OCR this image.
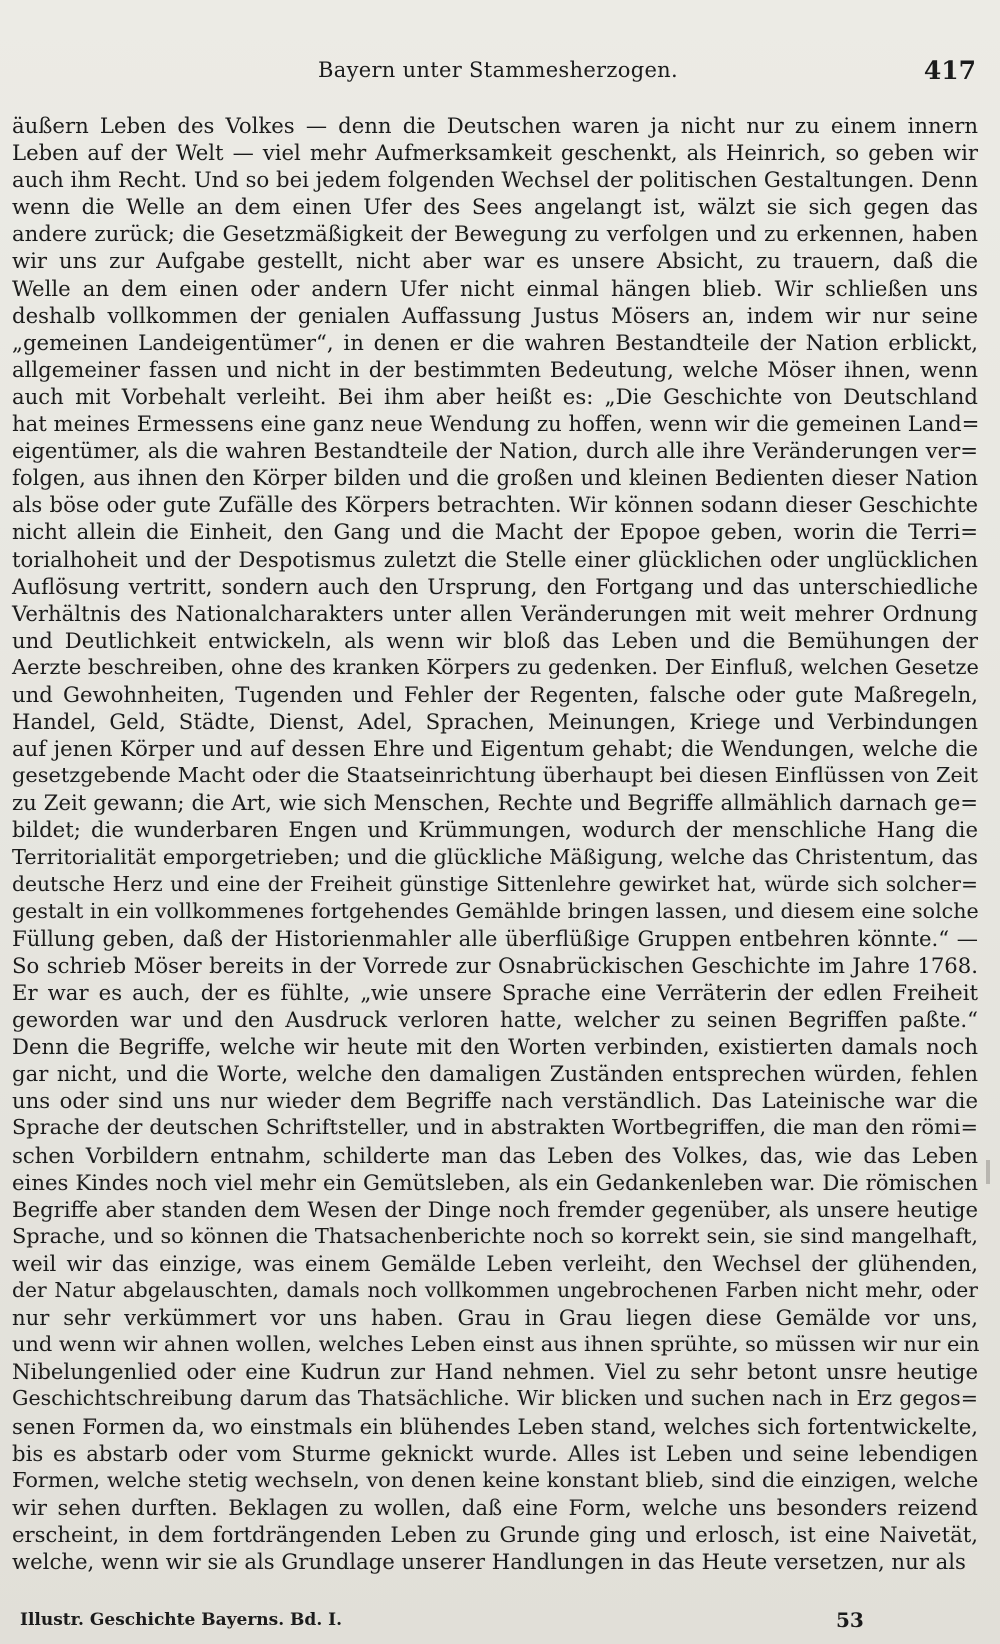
Bayern unter Stammesherzogen.	417
äußern Leben des Volkes — denn die Deutschen waren ja nicht nur zu einem innern
Leben auf der Welt — viel mehr Aufmerksamkeit geschenkt, als Heinrich, so geben wir
auch ihm Recht. Und so bei jedem folgenden Wechsel der politischen Gestaltungen. Denn
wenn die Welle an dem einen Ufer des Sees angelangt ist, wälzt sie sich gegen das
andere zurück; die Gesetzmäßigkeit der Bewegung zu verfolgen und zu erkennen, haben
wir uns zur Aufgabe gestellt, nicht aber war es unsere Absicht, zu trauern, daß die
Welle an dem einen oder andern Ufer nicht einmal hängen blieb. Wir schließen uns
deshalb vollkommen der genialen Auffassung Justus Mösers an, indem wir nur seine
„gemeinen Landeigentümer“, in denen er die wahren Bestandteile der Nation erblickt,
allgemeiner fassen und nicht in der bestimmten Bedeutung, welche Möser ihnen, wenn
auch mit Vorbehalt verleiht. Bei ihm aber heißt es: „Die Geschichte von Deutschland
hat meines Ermessens eine ganz neue Wendung zu hoffen, wenn wir die gemeinen Land=
eigentümer, als die wahren Bestandteile der Nation, durch alle ihre Veränderungen ver=
folgen, aus ihnen den Körper bilden und die großen und kleinen Bedienten dieser Nation
als böse oder gute Zufälle des Körpers betrachten. Wir können sodann dieser Geschichte
nicht allein die Einheit, den Gang und die Macht der Epopoe geben, worin die Terri=
torialhoheit und der Despotismus zuletzt die Stelle einer glücklichen oder unglücklichen
Auflösung vertritt, sondern auch den Ursprung, den Fortgang und das unterschiedliche
Verhältnis des Nationalcharakters unter allen Veränderungen mit weit mehrer Ordnung
und Deutlichkeit entwickeln, als wenn wir bloß das Leben und die Bemühungen der
Aerzte beschreiben, ohne des kranken Körpers zu gedenken. Der Einfluß, welchen Gesetze
und Gewohnheiten, Tugenden und Fehler der Regenten, falsche oder gute Maßregeln,
Handel, Geld, Städte, Dienst, Adel, Sprachen, Meinungen, Kriege und Verbindungen
auf jenen Körper und auf dessen Ehre und Eigentum gehabt; die Wendungen, welche die
gesetzgebende Macht oder die Staatseinrichtung überhaupt bei diesen Einflüssen von Zeit
zu Zeit gewann; die Art, wie sich Menschen, Rechte und Begriffe allmählich darnach ge=
bildet; die wunderbaren Engen und Krümmungen, wodurch der menschliche Hang die
Territorialität emporgetrieben; und die glückliche Mäßigung, welche das Christentum, das
deutsche Herz und eine der Freiheit günstige Sittenlehre gewirket hat, würde sich solcher=
gestalt in ein vollkommenes fortgehendes Gemählde bringen lassen, und diesem eine solche
Füllung geben, daß der Historienmahler alle überflüßige Gruppen entbehren könnte.“ —
So schrieb Möser bereits in der Vorrede zur Osnabrückischen Geschichte im Jahre 1768.
Er war es auch, der es fühlte, „wie unsere Sprache eine Verräterin der edlen Freiheit
geworden war und den Ausdruck verloren hatte, welcher zu seinen Begriffen paßte.“
Denn die Begriffe, welche wir heute mit den Worten verbinden, existierten damals noch
gar nicht, und die Worte, welche den damaligen Zuständen entsprechen würden, fehlen
uns oder sind uns nur wieder dem Begriffe nach verständlich. Das Lateinische war die
Sprache der deutschen Schriftsteller, und in abstrakten Wortbegriffen, die man den römi=
schen Vorbildern entnahm, schilderte man das Leben des Volkes, das, wie das Leben
eines Kindes noch viel mehr ein Gemütsleben, als ein Gedankenleben war. Die römischen
Begriffe aber standen dem Wesen der Dinge noch fremder gegenüber, als unsere heutige
Sprache, und so können die Thatsachenberichte noch so korrekt sein, sie sind mangelhaft,
weil wir das einzige, was einem Gemälde Leben verleiht, den Wechsel der glühenden,
der Natur abgelauschten, damals noch vollkommen ungebrochenen Farben nicht mehr, oder
nur sehr verkümmert vor uns haben. Grau in Grau liegen diese Gemälde vor uns,
und wenn wir ahnen wollen, welches Leben einst aus ihnen sprühte, so müssen wir nur ein
Nibelungenlied oder eine Kudrun zur Hand nehmen. Viel zu sehr betont unsre heutige
Geschichtschreibung darum das Thatsächliche. Wir blicken und suchen nach in Erz gegos=
senen Formen da, wo einstmals ein blühendes Leben stand, welches sich fortentwickelte,
bis es abstarb oder vom Sturme geknickt wurde. Alles ist Leben und seine lebendigen
Formen, welche stetig wechseln, von denen keine konstant blieb, sind die einzigen, welche
wir sehen durften. Beklagen zu wollen, daß eine Form, welche uns besonders reizend
erscheint, in dem fortdrängenden Leben zu Grunde ging und erlosch, ist eine Naivetät,
welche, wenn wir sie als Grundlage unserer Handlungen in das Heute versetzen, nur als
Illustr. Geschichte Bayerns. Bd. I.	53
